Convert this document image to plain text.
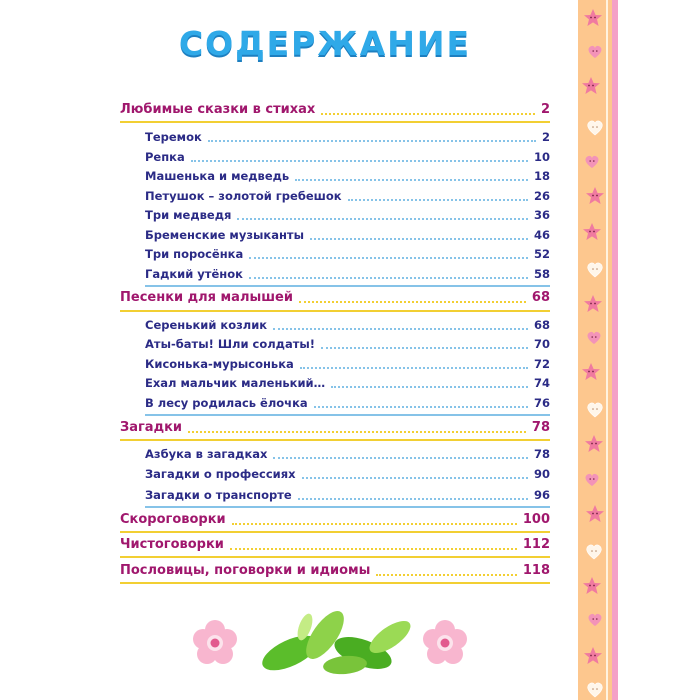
СОДЕРЖАНИЕ
Любимые сказки в стихах	2
Теремок	2
Репка	10
Машенька и медведь	18
Петушок – золотой гребешок	26
Три медведя	36
Бременские музыканты	46
Три поросёнка	52
Гадкий утёнок	58
Песенки для малышей	68
Серенький козлик	68
Аты-баты! Шли солдаты!	70
Кисонька-мурысонька	72
Ехал мальчик маленький…	74
В лесу родилась ёлочка	76
Загадки	78
Азбука в загадках	78
Загадки о профессиях	90
Загадки о транспорте	96
Скороговорки	100
Чистоговорки	112
Пословицы, поговорки и идиомы	118
